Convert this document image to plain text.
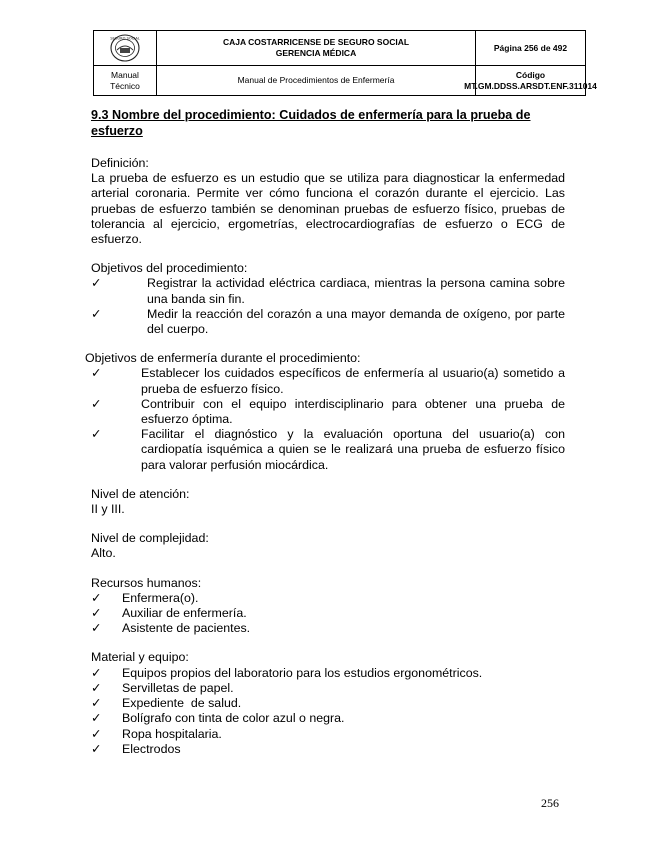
SEGURO SOCIAL	CAJA COSTARRICENSE DE SEGURO SOCIAL
GERENCIA MÉDICA
Página 256 de 492
Manual
Técnico
Manual de Procedimientos de Enfermería
Código
MT.GM.DDSS.ARSDT.ENF.311014

9.3 Nombre del procedimiento: Cuidados de enfermería para la prueba de esfuerzo

Definición:

La prueba de esfuerzo es un estudio que se utiliza para diagnosticar la enfermedad arterial coronaria. Permite ver cómo funciona el corazón durante el ejercicio. Las pruebas de esfuerzo también se denominan pruebas de esfuerzo físico, pruebas de tolerancia al ejercicio, ergometrías, electrocardiografías de esfuerzo o ECG de esfuerzo.

Objetivos del procedimiento:

✓	Registrar la actividad eléctrica cardiaca, mientras la persona camina sobre una banda sin fin.
✓	Medir la reacción del corazón a una mayor demanda de oxígeno, por parte del cuerpo.

Objetivos de enfermería durante el procedimiento:

✓	Establecer los cuidados específicos de enfermería al usuario(a) sometido a prueba de esfuerzo físico.
✓	Contribuir con el equipo interdisciplinario para obtener una prueba de esfuerzo óptima.
✓	Facilitar el diagnóstico y la evaluación oportuna del usuario(a) con cardiopatía isquémica a quien se le realizará una prueba de esfuerzo físico para valorar perfusión miocárdica.

Nivel de atención:

II y III.

Nivel de complejidad:

Alto.

Recursos humanos:

✓ Enfermera(o).
✓ Auxiliar de enfermería.
✓ Asistente de pacientes.

Material y equipo:

✓ Equipos propios del laboratorio para los estudios ergonométricos.
✓ Servilletas de papel.
✓ Expediente  de salud.
✓ Bolígrafo con tinta de color azul o negra.
✓ Ropa hospitalaria.
✓ Electrodos
256
